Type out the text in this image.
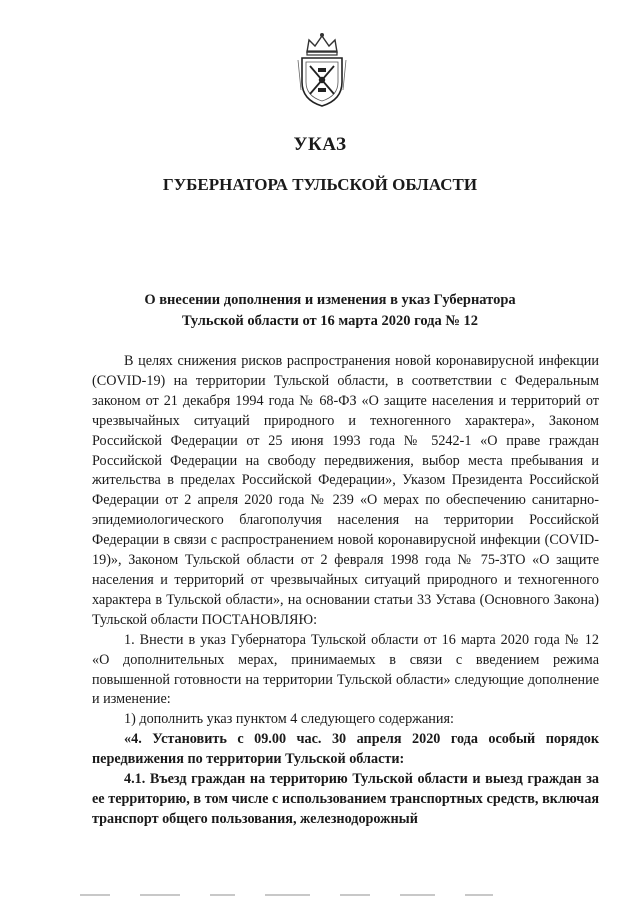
УКАЗ
ГУБЕРНАТОРА ТУЛЬСКОЙ ОБЛАСТИ
О внесении дополнения и изменения в указ Губернатора
Тульской области от 16 марта 2020 года № 12

В целях снижения рисков распространения новой коронавирусной инфекции (COVID-19) на территории Тульской области, в соответствии с Федеральным законом от 21 декабря 1994 года № 68-ФЗ «О защите населения и территорий от чрезвычайных ситуаций природного и техногенного характера», Законом Российской Федерации от 25 июня 1993 года № 5242-1 «О праве граждан Российской Федерации на свободу передвижения, выбор места пребывания и жительства в пределах Российской Федерации», Указом Президента Российской Федерации от 2 апреля 2020 года № 239 «О мерах по обеспечению санитарно-эпидемиологического благополучия населения на территории Российской Федерации в связи с распространением новой коронавирусной инфекции (COVID-19)», Законом Тульской области от 2 февраля 1998 года № 75-ЗТО «О защите населения и территорий от чрезвычайных ситуаций природного и техногенного характера в Тульской области», на основании статьи 33 Устава (Основного Закона) Тульской области ПОСТАНОВЛЯЮ:

1. Внести в указ Губернатора Тульской области от 16 марта 2020 года № 12 «О дополнительных мерах, принимаемых в связи с введением режима повышенной готовности на территории Тульской области» следующие дополнение и изменение:

1) дополнить указ пунктом 4 следующего содержания:

«4. Установить с 09.00 час. 30 апреля 2020 года особый порядок передвижения по территории Тульской области:

4.1. Въезд граждан на территорию Тульской области и выезд граждан за ее территорию, в том числе с использованием транспортных средств, включая транспорт общего пользования, железнодорожный
